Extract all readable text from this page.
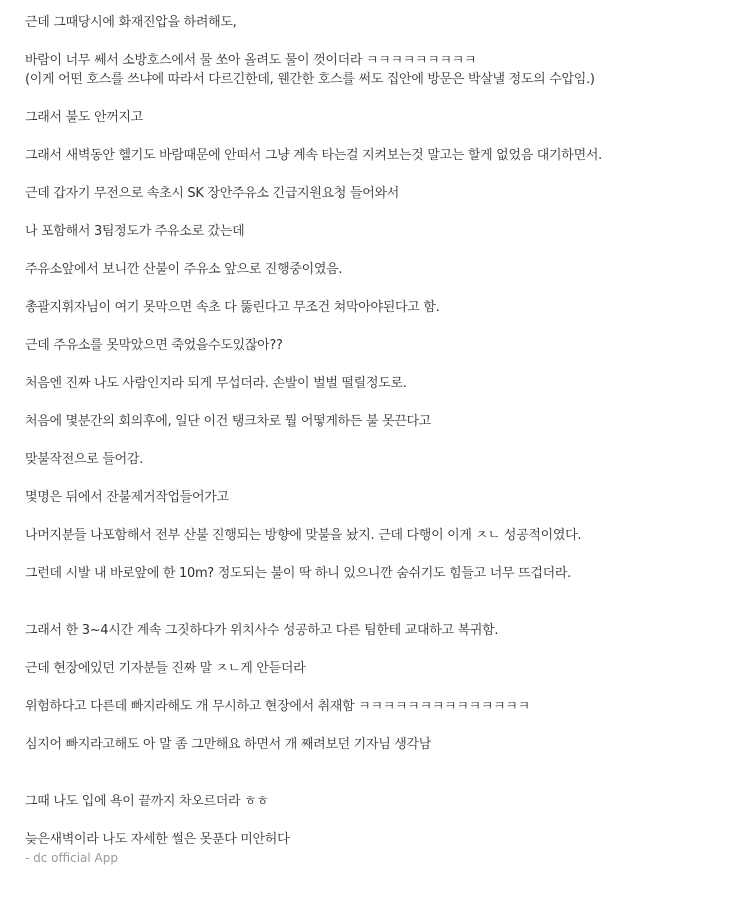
근데 그때당시에 화재진압을 하려해도,
바람이 너무 쎄서 소방호스에서 물 쏘아 올려도 물이 껏이더라 ㅋㅋㅋㅋㅋㅋㅋㅋㅋ
(이게 어떤 호스를 쓰냐에 따라서 다르긴한데, 웬간한 호스를 써도 집안에 방문은 박살낼 정도의 수압임.)
그래서 불도 안꺼지고
그래서 새벽동안 헬기도 바람때문에 안떠서 그냥 계속 타는걸 지켜보는것 말고는 할게 없었음 대기하면서.
근데 갑자기 무전으로 속초시 SK 장안주유소 긴급지원요청 들어와서
나 포함해서 3팀정도가 주유소로 갔는데
주유소앞에서 보니깐 산불이 주유소 앞으로 진행중이였음.
총괄지휘자님이 여기 못막으면 속초 다 뚫린다고 무조건 쳐막아야된다고 함.
근데 주유소를 못막았으면 죽었을수도있잖아??
처음엔 진짜 나도 사람인지라 되게 무섭더라. 손발이 벌벌 떨릴정도로.
처음에 몇분간의 회의후에, 일단 이건 탱크차로 뭘 어떻게하든 불 못끈다고
맞불작전으로 들어감.
몇명은 뒤에서 잔불제거작업들어가고
나머지분들 나포함해서 전부 산불 진행되는 방향에 맞불을 놨지. 근데 다행이 이게 ㅈㄴ 성공적이였다.
그런데 시발 내 바로앞에 한 10m? 정도되는 불이 딱 하니 있으니깐 숨쉬기도 힘들고 너무 뜨겁더라.
그래서 한 3~4시간 계속 그짓하다가 위치사수 성공하고 다른 팀한테 교대하고 복귀함.
근데 현장에있던 기자분들 진짜 말 ㅈㄴ게 안듣더라
위험하다고 다른데 빠지라해도 개 무시하고 현장에서 취재함 ㅋㅋㅋㅋㅋㅋㅋㅋㅋㅋㅋㅋㅋㅋ
심지어 빠지라고해도 아 말 좀 그만해요 하면서 개 째려보던 기자님 생각남
그때 나도 입에 욕이 끝까지 차오르더라 ㅎㅎ
늦은새벽이라 나도 자세한 썰은 못푼다 미안허다
- dc official App
